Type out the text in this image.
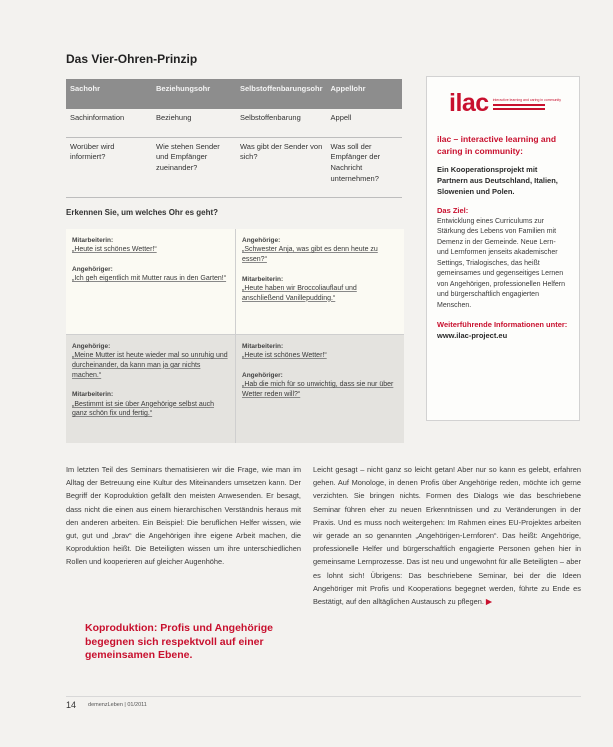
Das Vier-Ohren-Prinzip
Sachohr	Beziehungsohr	Selbstoffenbarungsohr	Appellohr
Sachinformation	Beziehung	Selbstoffenbarung	Appell
Worüber wird informiert?	Wie stehen Sender und Empfänger zueinander?	Was gibt der Sender von sich?	Was soll der Empfänger der Nachricht unternehmen?
Erkennen Sie, um welches Ohr es geht?
Mitarbeiterin:
„Heute ist schönes Wetter!“
Angehöriger:
„Ich geh eigentlich mit Mutter raus in den Garten!“
Angehörige:
„Schwester Anja, was gibt es denn heute zu essen?“
Mitarbeiterin:
„Heute haben wir Broccoliauflauf und anschließend Vanillepudding.“
Angehörige:
„Meine Mutter ist heute wieder mal so unruhig und durcheinander, da kann man ja gar nichts machen.“
Mitarbeiterin:
„Bestimmt ist sie über Angehörige selbst auch ganz schön fix und fertig.“
Mitarbeiterin:
„Heute ist schönes Wetter!“
Angehöriger:
„Hab die mich für so unwichtig, dass sie nur über Wetter reden will?“
ilac interactive learning and caring in community
ilac – interactive learning and caring in community:
Ein Kooperationsprojekt mit Partnern aus Deutschland, Italien, Slowenien und Polen.
Das Ziel:
Entwicklung eines Curriculums zur Stärkung des Lebens von Familien mit Demenz in der Gemeinde. Neue Lern- und Lernformen jenseits akademischer Settings, Trialogisches, das heißt gemeinsames und gegenseitiges Lernen von Angehörigen, professionellen Helfern und bürgerschaftlich engagierten Menschen.
Weiterführende Informationen unter:
www.ilac-project.eu
Im letzten Teil des Seminars thematisieren wir die Frage, wie man im Alltag der Betreuung eine Kultur des Miteinanders umsetzen kann. Der Begriff der Koproduktion gefällt den meisten Anwesenden. Er besagt, dass nicht die einen aus einem hierarchischen Verständnis heraus mit den anderen arbeiten. Ein Beispiel: Die beruflichen Helfer wissen, wie gut, gut und „brav“ die Angehörigen ihre eigene Arbeit machen, die Koproduktion heißt. Die Beteiligten wissen um ihre unterschiedlichen Rollen und kooperieren auf gleicher Augenhöhe.
Koproduktion: Profis und Angehörige begegnen sich respektvoll auf einer gemeinsamen Ebene.
Leicht gesagt – nicht ganz so leicht getan! Aber nur so kann es gelebt, erfahren gehen. Auf Monologe, in denen Profis über Angehörige reden, möchte ich gerne verzichten. Sie bringen nichts. Formen des Dialogs wie das beschriebene Seminar führen eher zu neuen Erkenntnissen und zu Veränderungen in der Praxis. Und es muss noch weitergehen: Im Rahmen eines EU-Projektes arbeiten wir gerade an so genannten „Angehörigen-Lernforen“. Das heißt: Angehörige, professionelle Helfer und bürgerschaftlich engagierte Personen gehen hier in gemeinsame Lernprozesse. Das ist neu und ungewohnt für alle Beteiligten – aber es lohnt sich! Übrigens: Das beschriebene Seminar, bei der die Ideen Angehöriger mit Profis und Kooperations begegnet werden, führte zu Ende es Bestätigt, auf den alltäglichen Austausch zu pflegen. ▶
14 demenzLeben | 01/2011
